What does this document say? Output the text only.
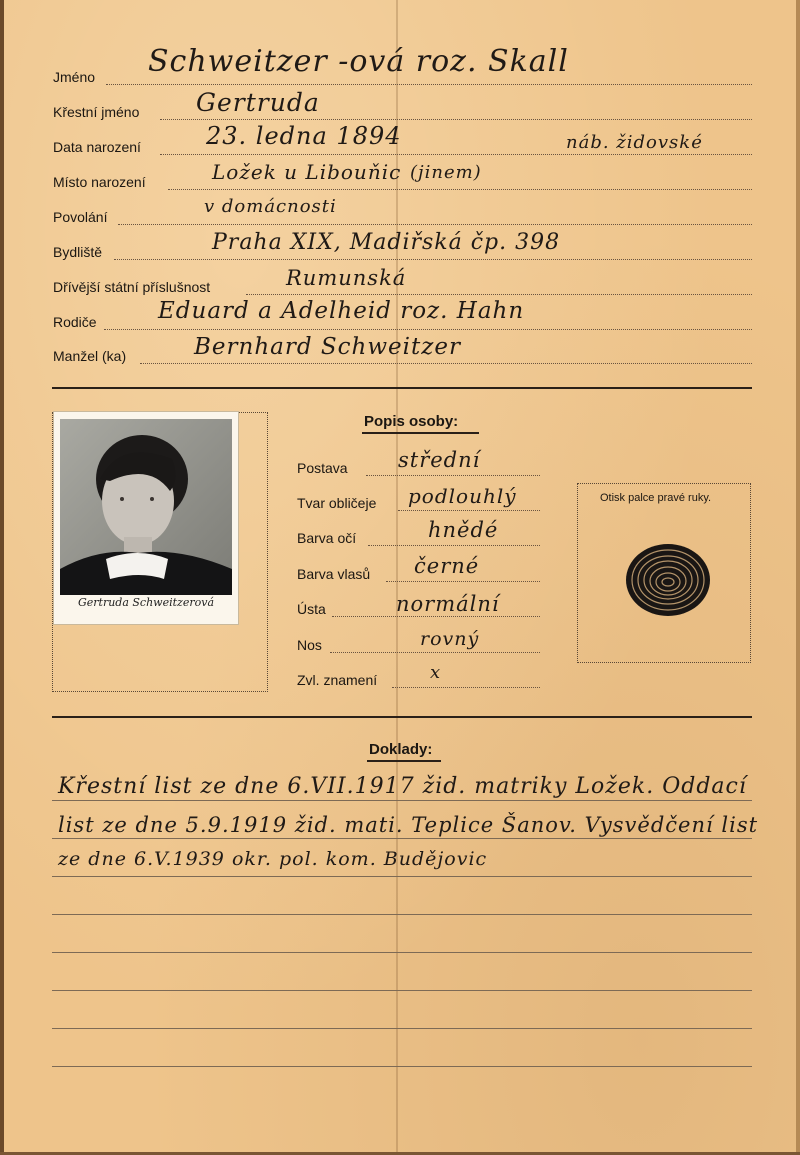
Jméno Schweitzer -ová roz. Skall
Křestní jméno Gertruda
Data narození	23. ledna 1894	náb. židovské
Místo narození	Ložek u Libouňic (jinem)
Povolání	v domácnosti
Bydliště	Praha XIX, Madiřská čp. 398
Dřívější státní příslušnost	Rumunská
Rodiče	Eduard a Adelheid roz. Hahn
Manžel (ka)	Bernhard Schweitzer
Gertruda Schweitzerová
Popis osoby:
Postava střední
Tvar obličeje podlouhlý
Barva očí	hnědé
Barva vlasů černé
Ústa	normální
Nos	rovný
Zvl. znamení	x
Otisk palce pravé ruky.
Doklady:
Křestní list ze dne 6.VII.1917 žid. matriky Ložek. Oddací
list ze dne 5.9.1919 žid. mati. Teplice Šanov. Vysvědčení list
ze dne 6.V.1939 okr. pol. kom. Budějovic
